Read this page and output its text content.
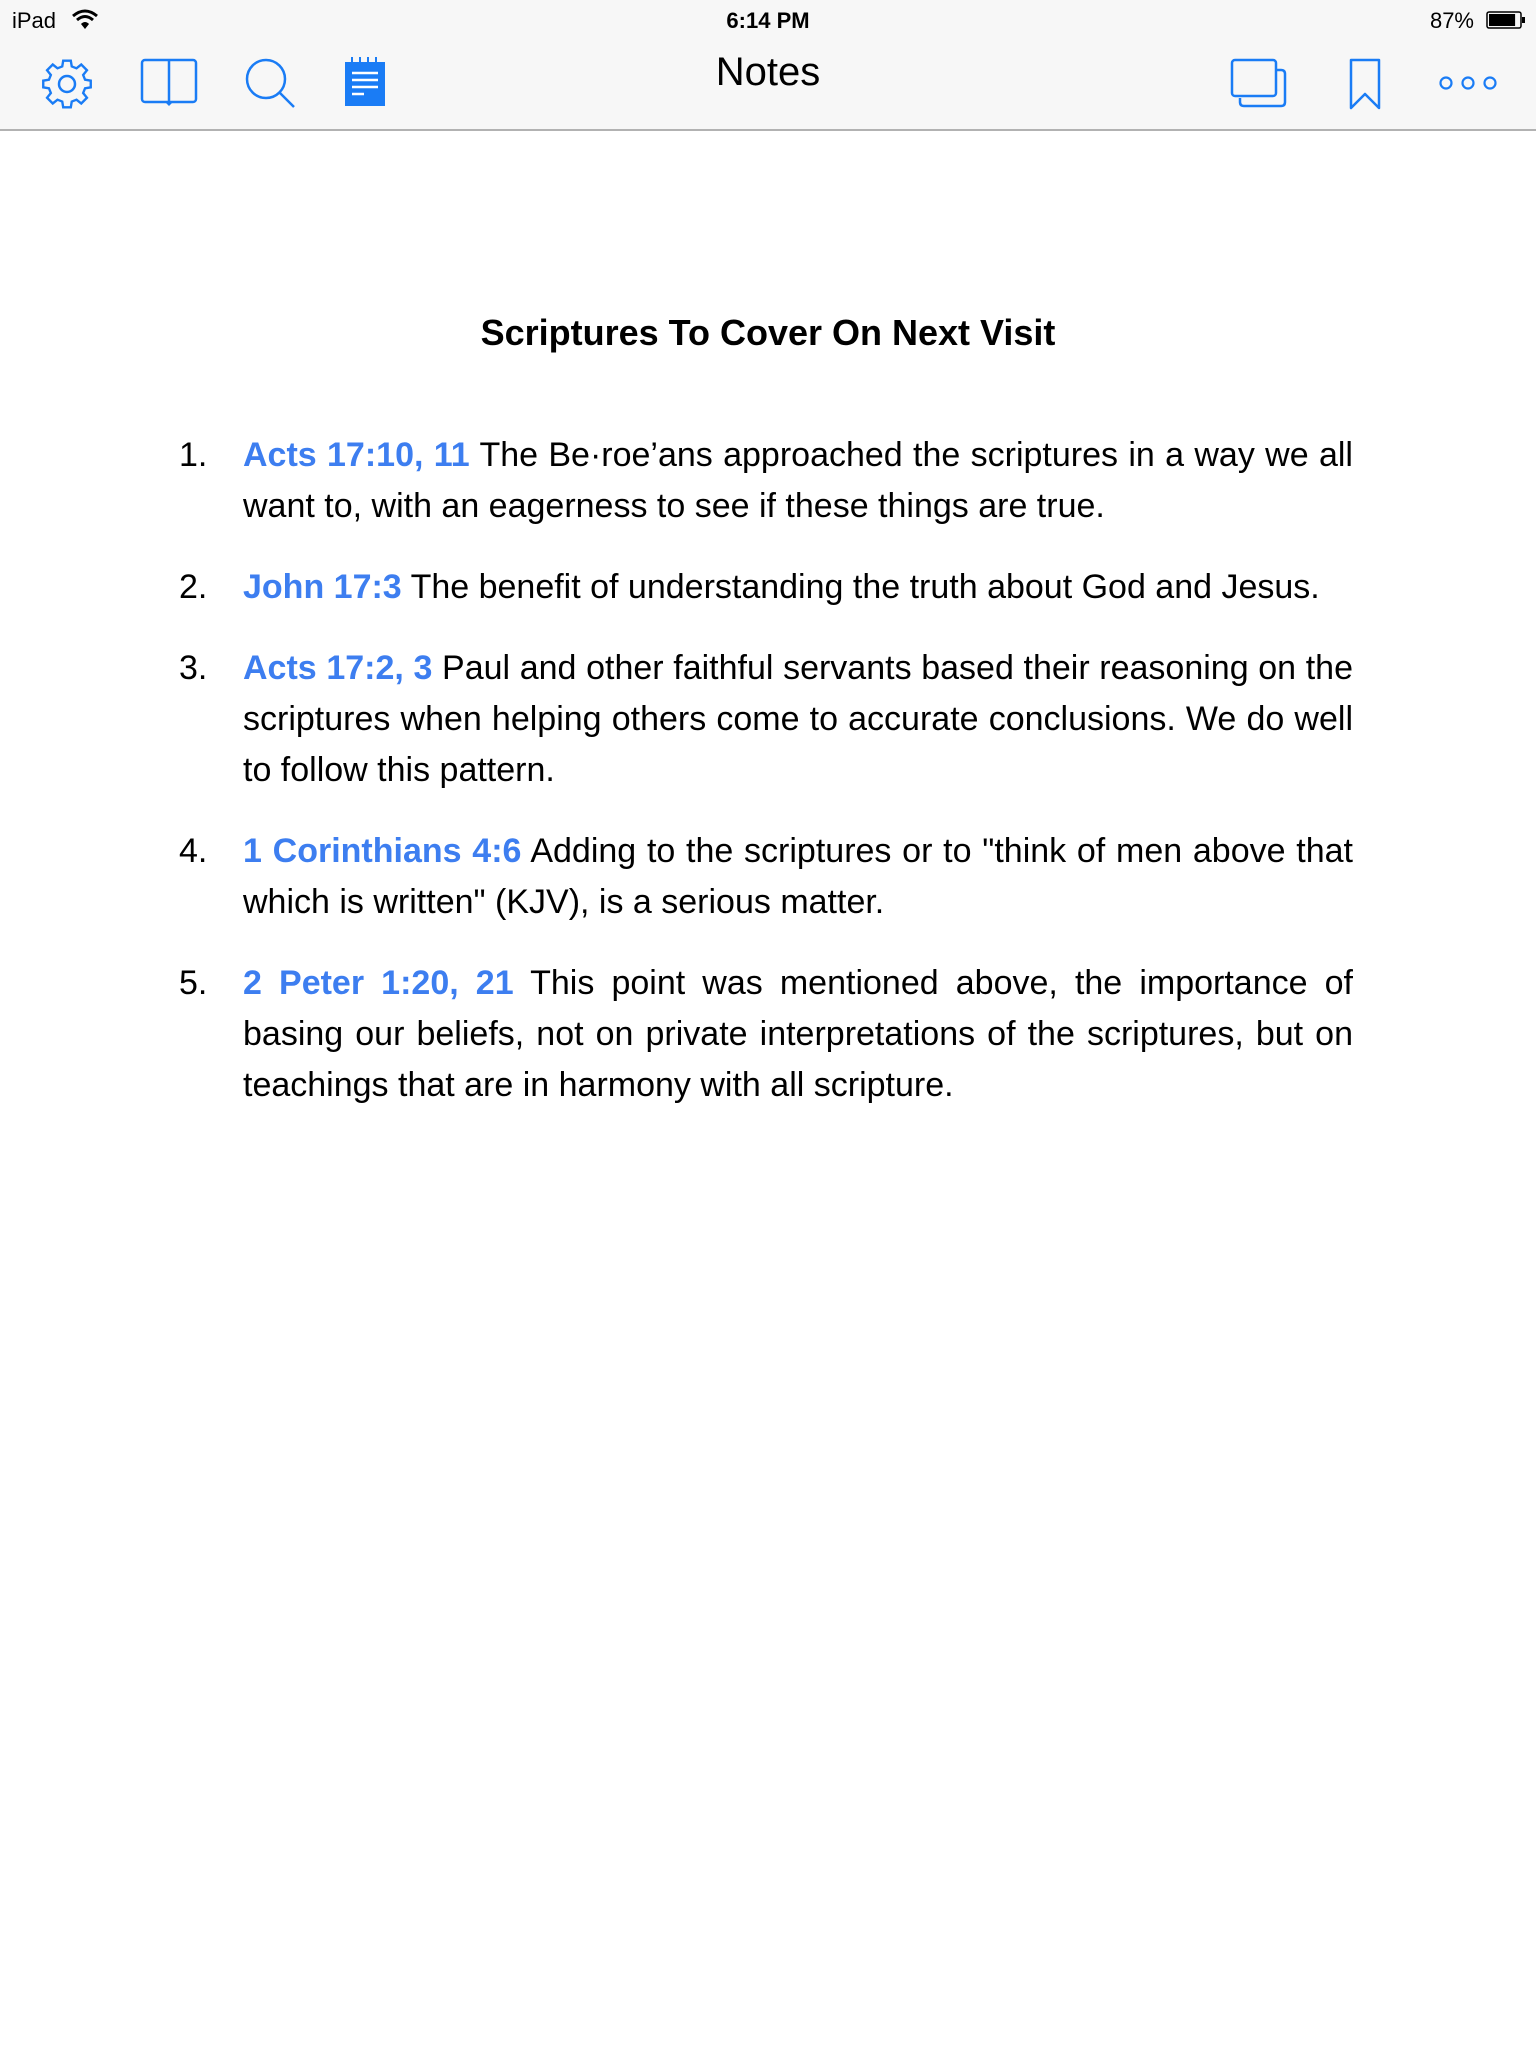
iPad	6:14 PM	87%
Notes
Scriptures To Cover On Next Visit
1. Acts 17:10, 11 The Be·roe’ans approached the scriptures in a way we all want to, with an eagerness to see if these things are true.
2. John 17:3 The benefit of understanding the truth about God and Jesus.
3. Acts 17:2, 3 Paul and other faithful servants based their reasoning on the scriptures when helping others come to accurate conclusions. We do well to follow this pattern.
4. 1 Corinthians 4:6 Adding to the scriptures or to "think of men above that which is written" (KJV), is a serious matter.
5. 2 Peter 1:20, 21 This point was mentioned above, the importance of basing our beliefs, not on private interpretations of the scriptures, but on teachings that are in harmony with all scripture.
